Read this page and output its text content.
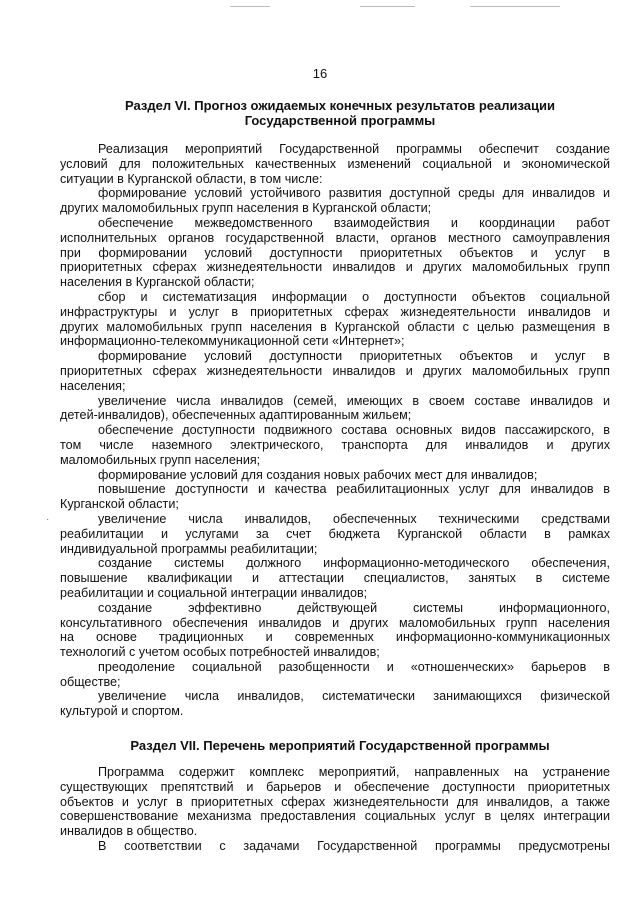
16
Раздел VI. Прогноз ожидаемых конечных результатов реализации
Государственной программы

Реализация мероприятий Государственной программы обеспечит создание
условий для положительных качественных изменений социальной и экономической
ситуации в Курганской области, в том числе:

формирование условий устойчивого развития доступной среды для инвалидов и
других маломобильных групп населения в Курганской области;

обеспечение межведомственного взаимодействия и координации работ
исполнительных органов государственной власти, органов местного самоуправления
при формировании условий доступности приоритетных объектов и услуг в
приоритетных сферах жизнедеятельности инвалидов и других маломобильных групп
населения в Курганской области;

сбор и систематизация информации о доступности объектов социальной
инфраструктуры и услуг в приоритетных сферах жизнедеятельности инвалидов и
других маломобильных групп населения в Курганской области с целью размещения в
информационно-телекоммуникационной сети «Интернет»;

формирование условий доступности приоритетных объектов и услуг в
приоритетных сферах жизнедеятельности инвалидов и других маломобильных групп
населения;

увеличение числа инвалидов (семей, имеющих в своем составе инвалидов и
детей-инвалидов), обеспеченных адаптированным жильем;

обеспечение доступности подвижного состава основных видов пассажирского, в
том числе наземного электрического, транспорта для инвалидов и других
маломобильных групп населения;

формирование условий для создания новых рабочих мест для инвалидов;

повышение доступности и качества реабилитационных услуг для инвалидов в
Курганской области;

увеличение числа инвалидов, обеспеченных техническими средствами
реабилитации и услугами за счет бюджета Курганской области в рамках
индивидуальной программы реабилитации;

создание системы должного информационно-методического обеспечения,
повышение квалификации и аттестации специалистов, занятых в системе
реабилитации и социальной интеграции инвалидов;

создание эффективно действующей системы информационного,
консультативного обеспечения инвалидов и других маломобильных групп населения
на основе традиционных и современных информационно-коммуникационных
технологий с учетом особых потребностей инвалидов;

преодоление социальной разобщенности и «отношенческих» барьеров в
обществе;

увеличение числа инвалидов, систематически занимающихся физической
культурой и спортом.

·
Раздел VII. Перечень мероприятий Государственной программы

Программа содержит комплекс мероприятий, направленных на устранение
существующих препятствий и барьеров и обеспечение доступности приоритетных
объектов и услуг в приоритетных сферах жизнедеятельности для инвалидов, а также
совершенствование механизма предоставления социальных услуг в целях интеграции
инвалидов в общество.

В соответствии с задачами Государственной программы предусмотрены
